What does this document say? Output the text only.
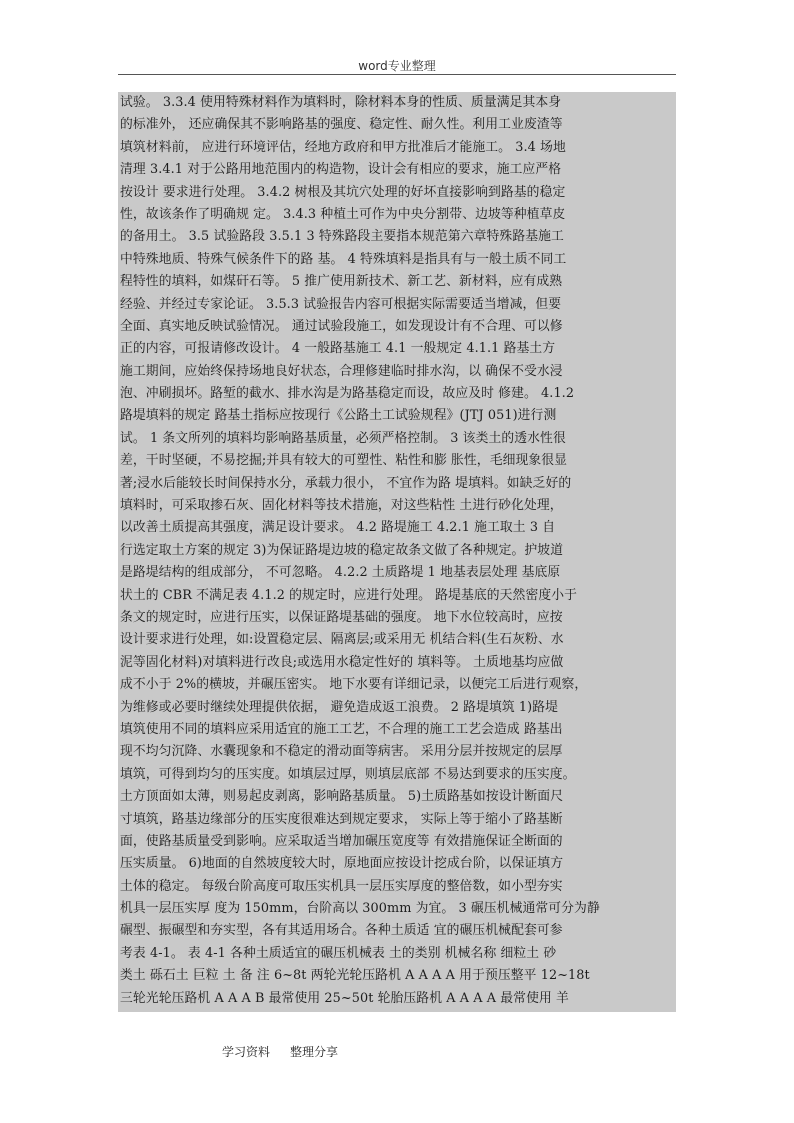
word专业整理
试验。 3.3.4 使用特殊材料作为填料时，除材料本身的性质、质量满足其本身
的标准外， 还应确保其不影响路基的强度、稳定性、耐久性。利用工业废渣等
填筑材料前， 应进行环境评估，经地方政府和甲方批准后才能施工。 3.4 场地
清理 3.4.1 对于公路用地范围内的构造物，设计会有相应的要求，施工应严格
按设计 要求进行处理。 3.4.2 树根及其坑穴处理的好坏直接影响到路基的稳定
性，故该条作了明确规 定。 3.4.3 种植土可作为中央分割带、边坡等种植草皮
的备用土。 3.5 试验路段 3.5.1 3 特殊路段主要指本规范第六章特殊路基施工
中特殊地质、特殊气候条件下的路 基。 4 特殊填料是指具有与一般土质不同工
程特性的填料，如煤矸石等。 5 推广使用新技术、新工艺、新材料，应有成熟
经验、并经过专家论证。 3.5.3 试验报告内容可根据实际需要适当增减，但要
全面、真实地反映试验情况。 通过试验段施工，如发现设计有不合理、可以修
正的内容，可报请修改设计。 4 一般路基施工 4.1 一般规定 4.1.1 路基土方
施工期间，应始终保持场地良好状态，合理修建临时排水沟，以 确保不受水浸
泡、冲刷损坏。路堑的截水、排水沟是为路基稳定而设，故应及时 修建。 4.1.2
路堤填料的规定 路基土指标应按现行《公路土工试验规程》(JTJ 051)进行测
试。 1 条文所列的填料均影响路基质量，必须严格控制。 3 该类土的透水性很
差，干时坚硬，不易挖掘;并具有较大的可塑性、粘性和膨 胀性，毛细现象很显
著;浸水后能较长时间保持水分，承载力很小， 不宜作为路 堤填料。如缺乏好的
填料时，可采取掺石灰、固化材料等技术措施，对这些粘性 土进行砂化处理，
以改善土质提高其强度，满足设计要求。 4.2 路堤施工 4.2.1 施工取土 3 自
行选定取土方案的规定 3)为保证路堤边坡的稳定故条文做了各种规定。护坡道
是路堤结构的组成部分， 不可忽略。 4.2.2 土质路堤 1 地基表层处理 基底原
状土的 CBR 不满足表 4.1.2 的规定时，应进行处理。 路堤基底的天然密度小于
条文的规定时，应进行压实，以保证路堤基础的强度。 地下水位较高时，应按
设计要求进行处理，如:设置稳定层、隔离层;或采用无 机结合料(生石灰粉、水
泥等固化材料)对填料进行改良;或选用水稳定性好的 填料等。 土质地基均应做
成不小于 2%的横坡，并碾压密实。 地下水要有详细记录，以便完工后进行观察，
为维修或必要时继续处理提供依据， 避免造成返工浪费。 2 路堤填筑 1)路堤
填筑使用不同的填料应采用适宜的施工工艺，不合理的施工工艺会造成 路基出
现不均匀沉降、水囊现象和不稳定的滑动面等病害。 采用分层并按规定的层厚
填筑，可得到均匀的压实度。如填层过厚，则填层底部 不易达到要求的压实度。
土方顶面如太薄，则易起皮剥离，影响路基质量。 5)土质路基如按设计断面尺
寸填筑，路基边缘部分的压实度很难达到规定要求， 实际上等于缩小了路基断
面，使路基质量受到影响。应采取适当增加碾压宽度等 有效措施保证全断面的
压实质量。 6)地面的自然坡度较大时，原地面应按设计挖成台阶，以保证填方
土体的稳定。 每级台阶高度可取压实机具一层压实厚度的整倍数，如小型夯实
机具一层压实厚 度为 150mm，台阶高以 300mm 为宜。 3 碾压机械通常可分为静
碾型、振碾型和夯实型，各有其适用场合。各种土质适 宜的碾压机械配套可参
考表 4-1。 表 4-1 各种土质适宜的碾压机械表 土的类别 机械名称 细粒土 砂
类土 砾石土 巨粒 土 备 注 6~8t 两轮光轮压路机 A A A A 用于预压整平 12~18t
三轮光轮压路机 A A A B 最常使用 25~50t 轮胎压路机 A A A A 最常使用 羊
学习资料 整理分享
